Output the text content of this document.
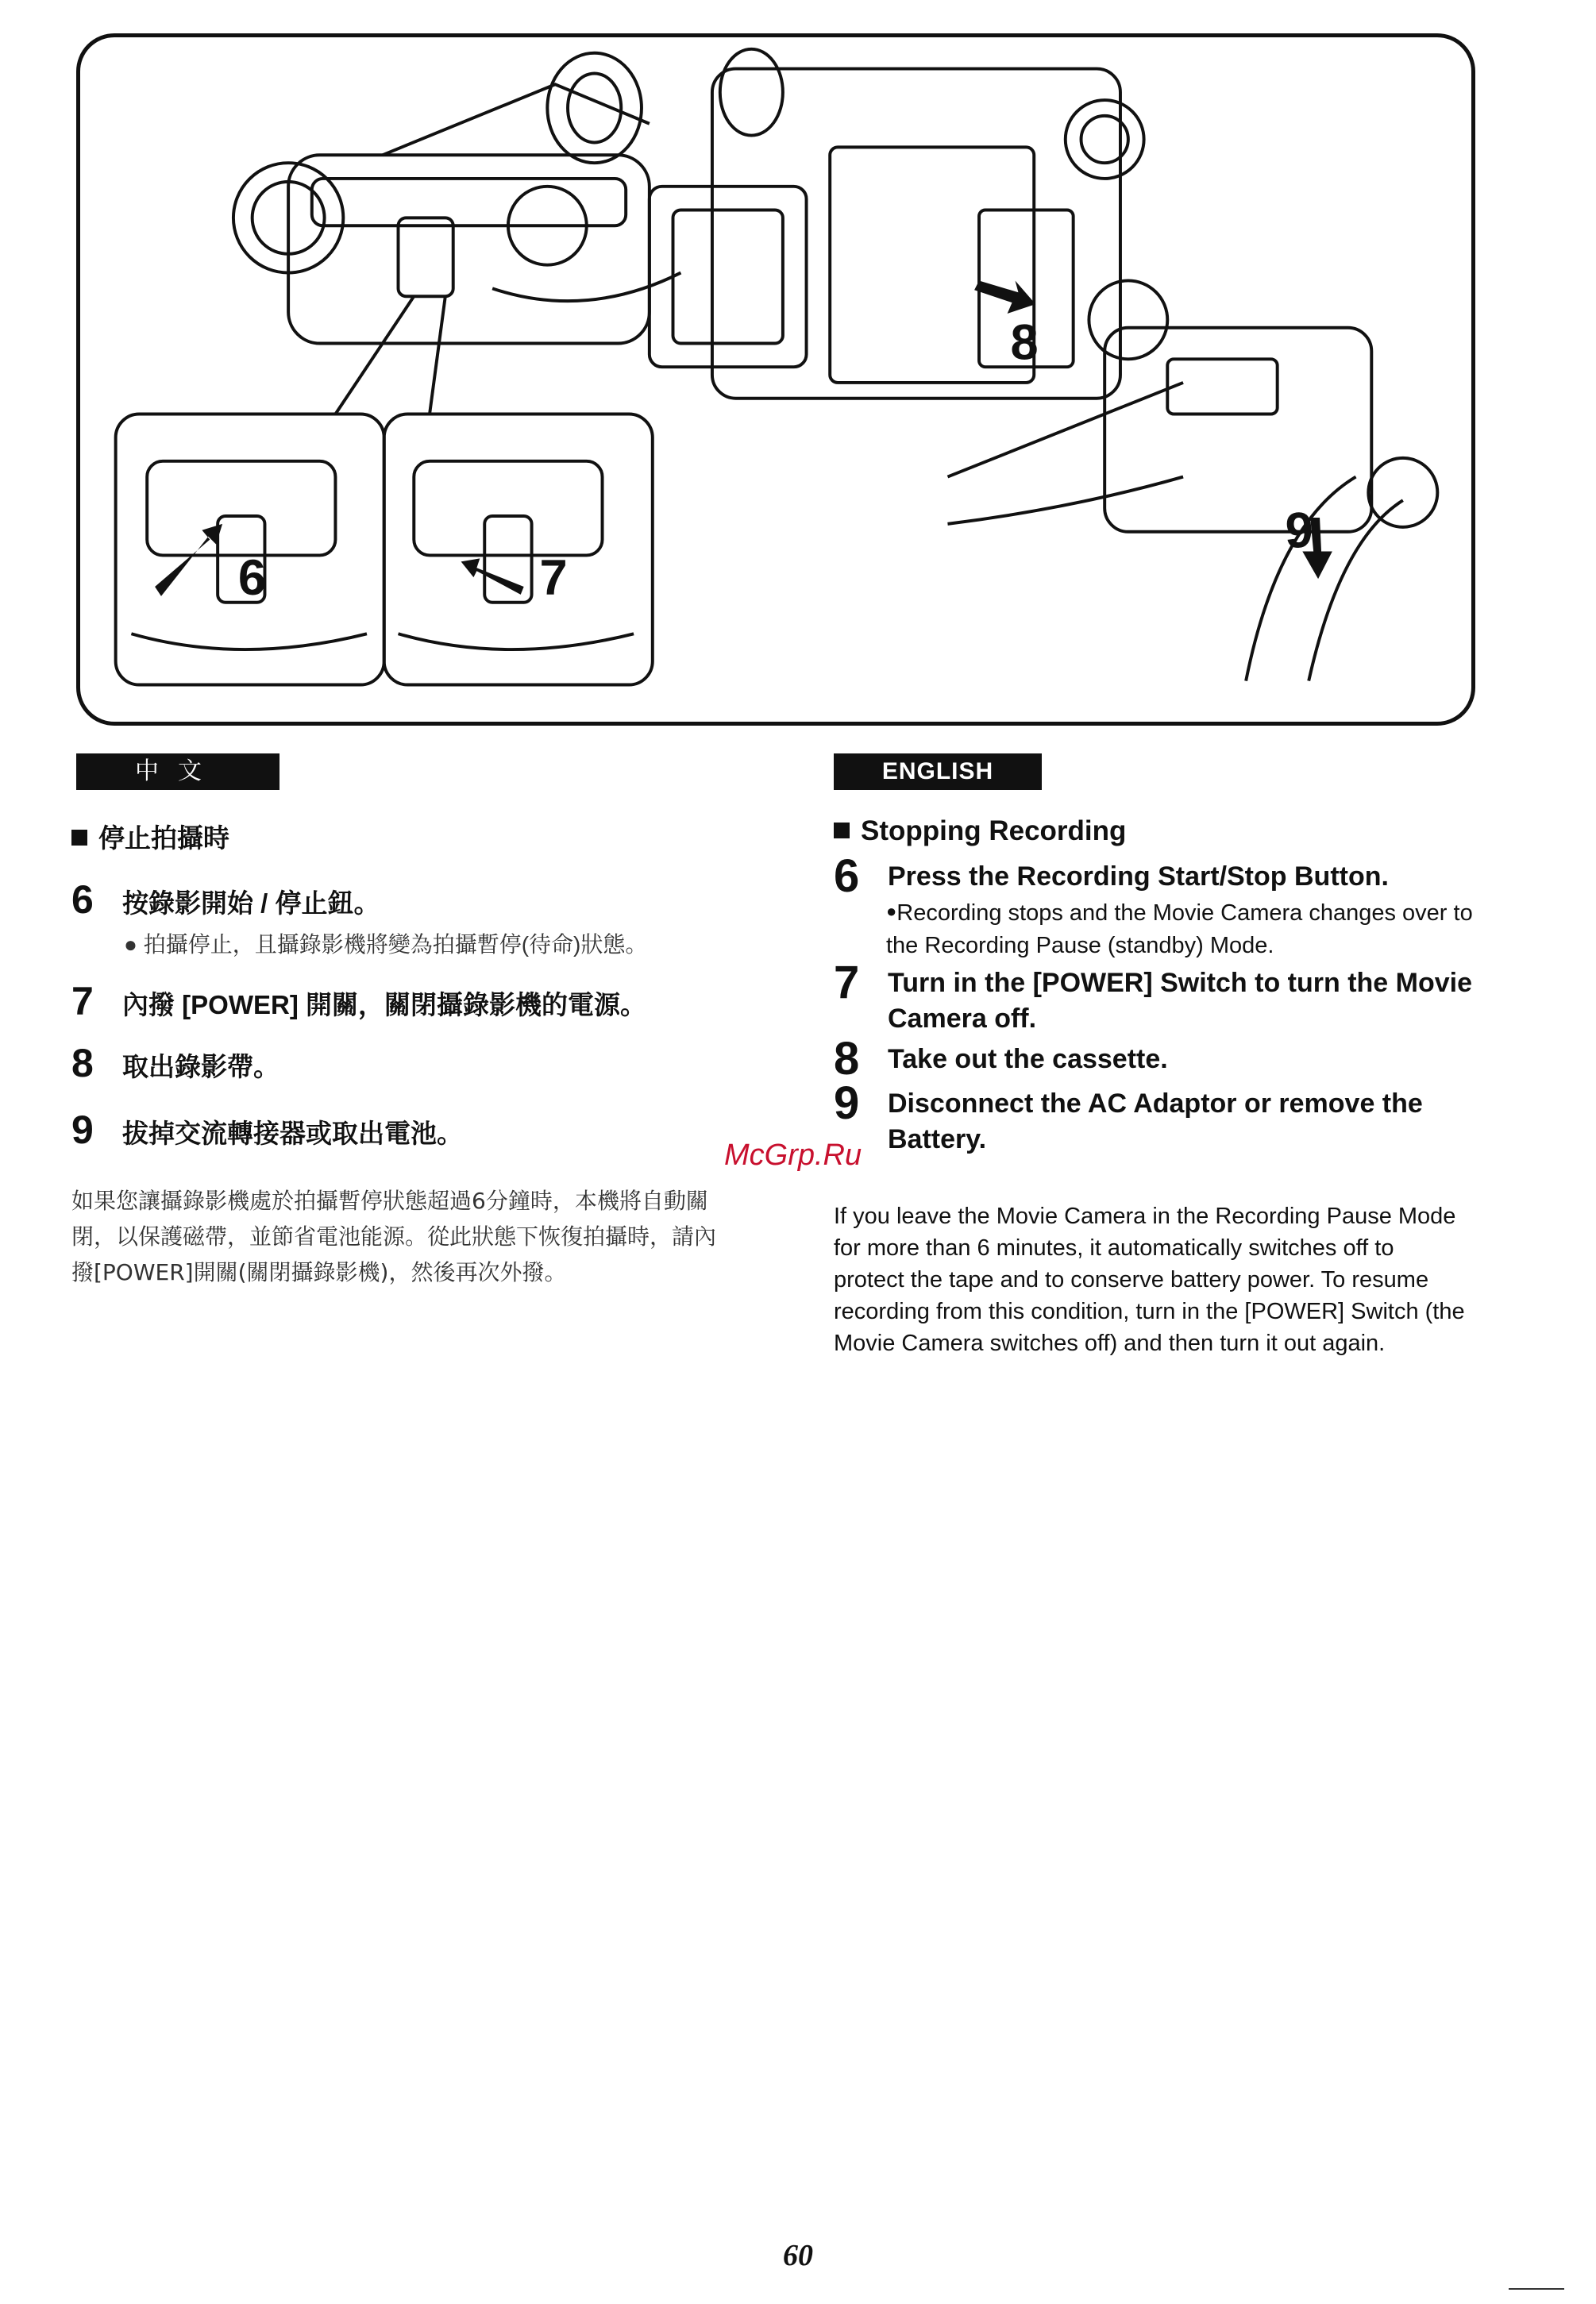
6	7
8
9
中文
停止拍攝時
6 按錄影開始 / 停止鈕。
● 拍攝停止，且攝錄影機將變為拍攝暫停(待命)狀態。
7 內撥 [POWER] 開關，關閉攝錄影機的電源。
8 取出錄影帶。
9 拔掉交流轉接器或取出電池。
如果您讓攝錄影機處於拍攝暫停狀態超過6分鐘時，本機將自動關閉，以保護磁帶，並節省電池能源。從此狀態下恢復拍攝時，請內撥[POWER]開關(關閉攝錄影機)，然後再次外撥。
ENGLISH
Stopping Recording
6 Press the Recording Start/Stop Button.
●Recording stops and the Movie Camera changes over to the Recording Pause (standby) Mode.
7 Turn in the [POWER] Switch to turn the Movie Camera off.
8 Take out the cassette.
9 Disconnect the AC Adaptor or remove the Battery.
If you leave the Movie Camera in the Recording Pause Mode for more than 6 minutes, it automatically switches off to protect the tape and to conserve battery power. To resume recording from this condition, turn in the [POWER] Switch (the Movie Camera switches off) and then turn it out again.
McGrp.Ru
60
